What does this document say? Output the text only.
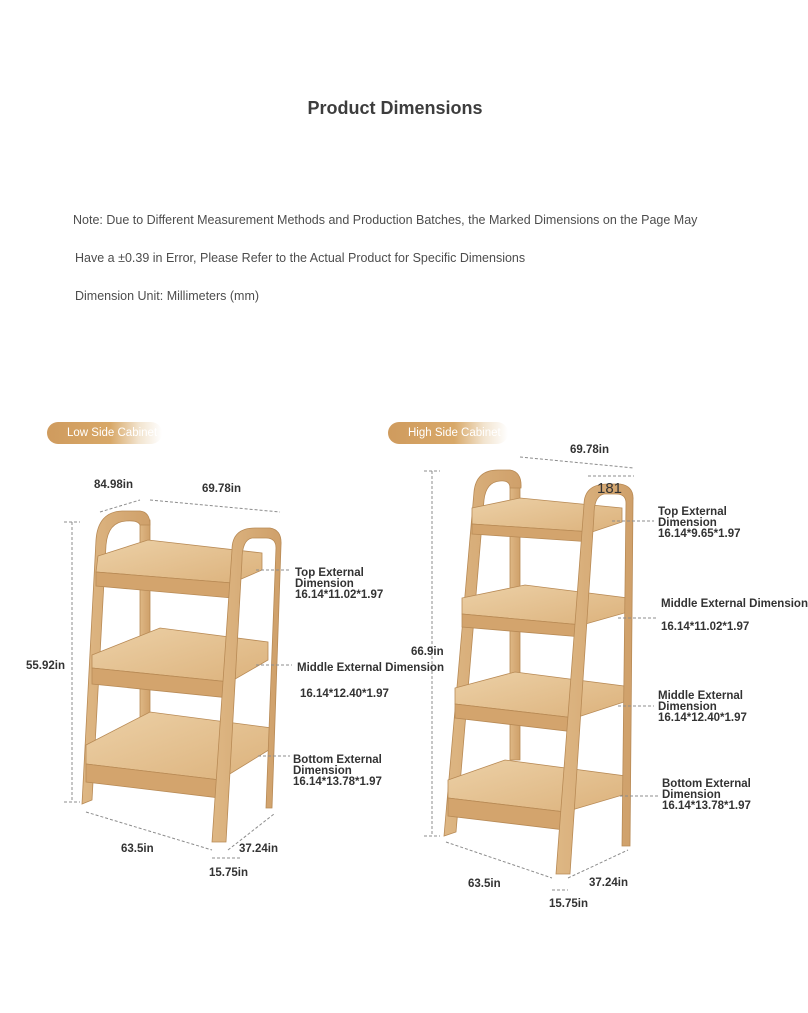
Product Dimensions
Note: Due to Different Measurement Methods and Production Batches, the Marked Dimensions on the Page May
Have a ±0.39 in Error, Please Refer to the Actual Product for Specific Dimensions
Dimension Unit: Millimeters (mm)
Low Side Cabinet	High Side Cabinet
84.98in	69.78in
55.92in
63.5in	37.24in
15.75in
Top External
Dimension
16.14*11.02*1.97
Middle External Dimension
16.14*12.40*1.97
Bottom External
Dimension
16.14*13.78*1.97
69.78in
181
66.9in
63.5in	37.24in
15.75in
Top External
Dimension
16.14*9.65*1.97
Middle External Dimension
16.14*11.02*1.97
Middle External
Dimension
16.14*12.40*1.97
Bottom External
Dimension
16.14*13.78*1.97
